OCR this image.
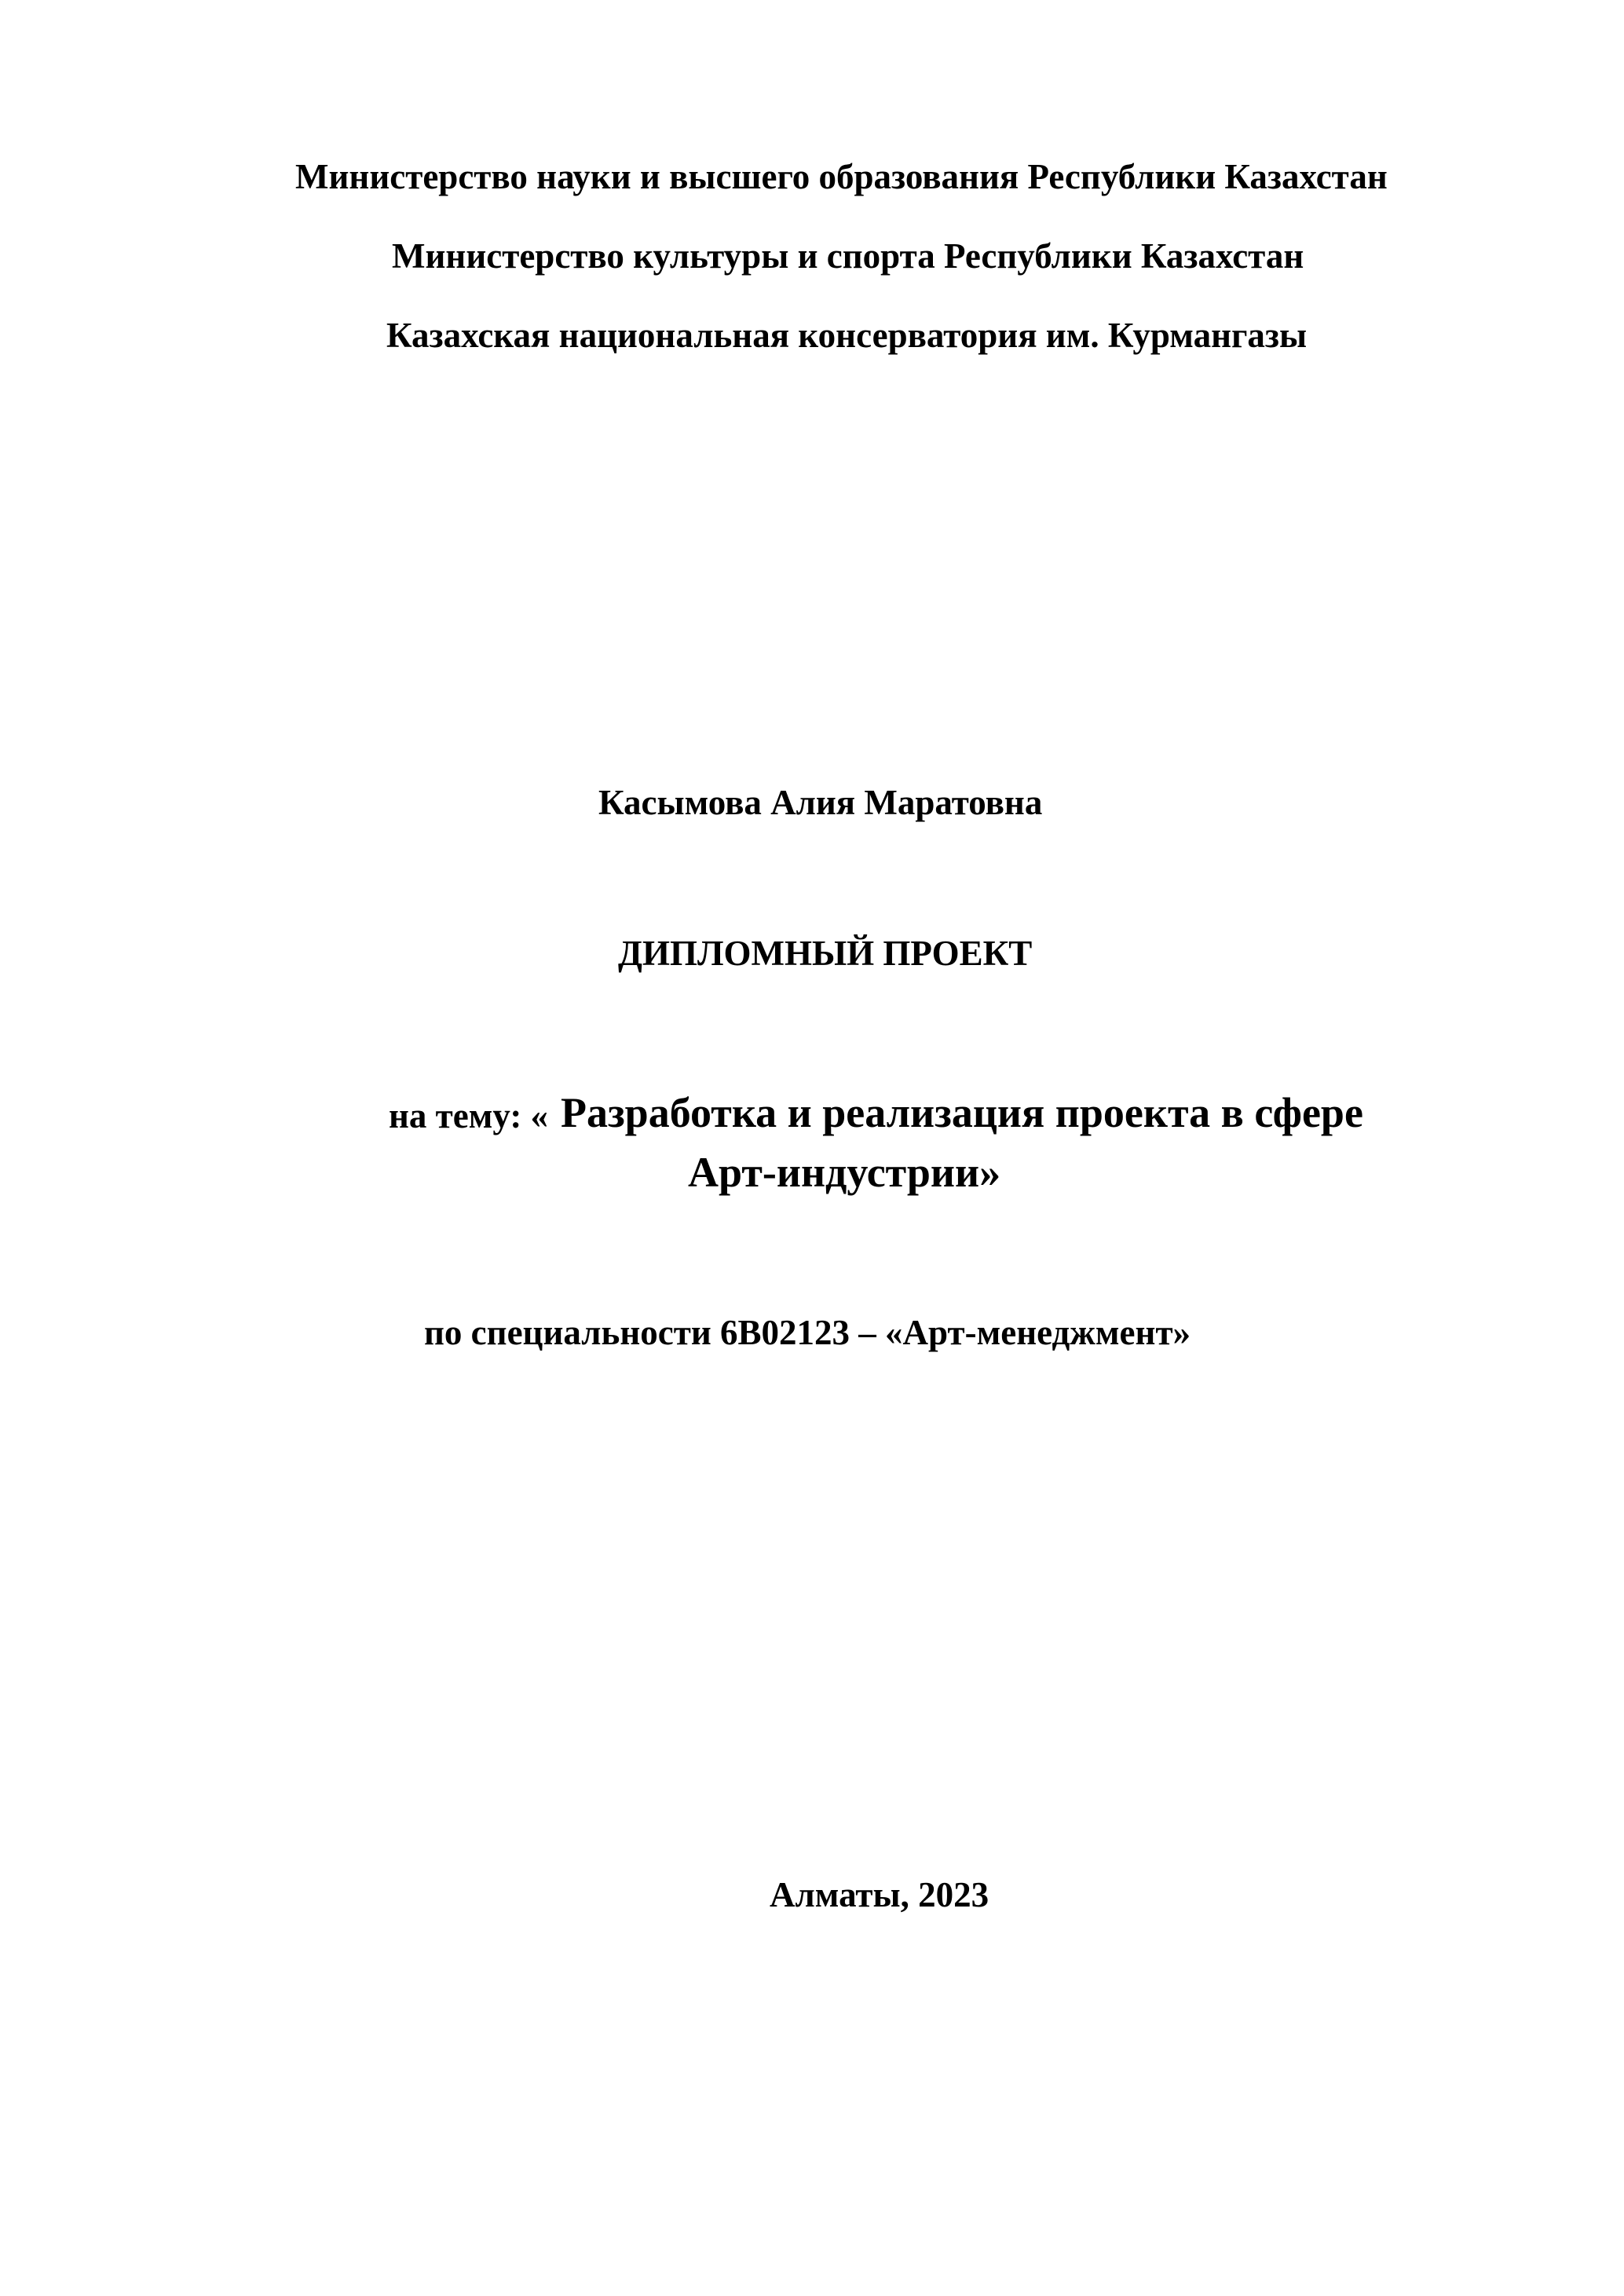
Министерство науки и высшего образования Республики Казахстан
Министерство культуры и спорта Республики Казахстан
Казахская национальная консерватория им. Курмангазы
Касымова Алия Маратовна
ДИПЛОМНЫЙ ПРОЕКТ
на тему: « Разработка и реализация проекта в сфере
Арт-индустрии»
по специальности 6В02123 – «Арт-менеджмент»
Алматы, 2023
